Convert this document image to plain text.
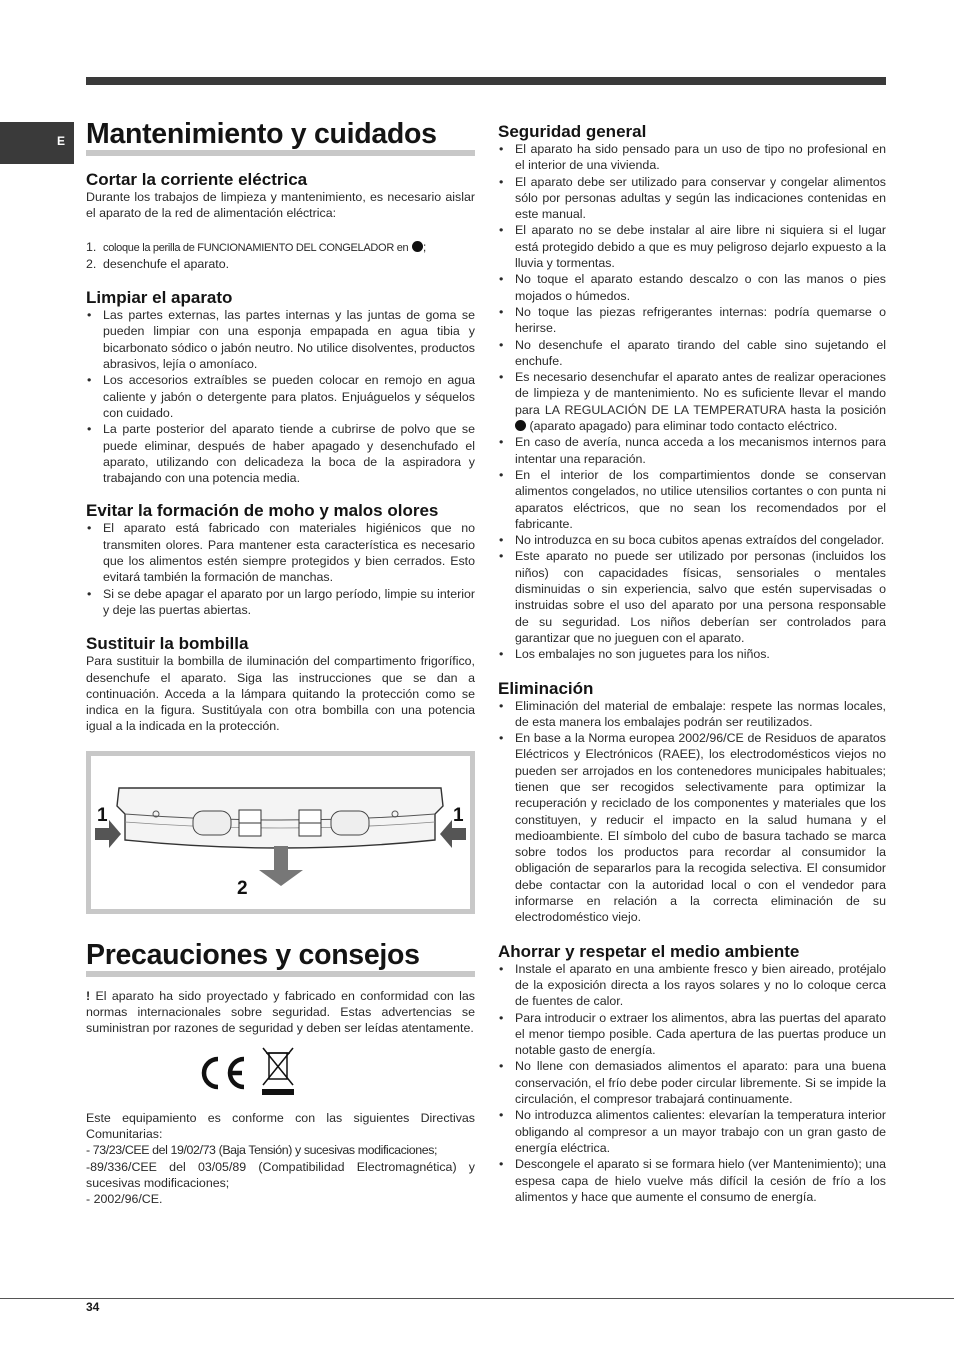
E Mantenimiento y cuidados
Cortar la corriente eléctrica

Durante los trabajos de limpieza y mantenimiento, es necesario aislar el aparato de la red de alimentación eléctrica:

1. coloque la perilla de FUNCIONAMIENTO DEL CONGELADOR en ;
2. desenchufe el aparato.
Limpiar el aparato
• Las partes externas, las partes internas y las juntas de goma se pueden limpiar con una esponja empapada en agua tibia y bicarbonato sódico o jabón neutro. No utilice disolventes, productos abrasivos, lejía o amoníaco.
• Los accesorios extraíbles se pueden colocar en remojo en agua caliente y jabón o detergente para platos. Enjuáguelos y séquelos con cuidado.
• La parte posterior del aparato tiende a cubrirse de polvo que se puede eliminar, después de haber apagado y desenchufado el aparato, utilizando con delicadeza la boca de la aspiradora y trabajando con una potencia media.
Evitar la formación de moho y malos olores
• El aparato está fabricado con materiales higiénicos que no transmiten olores. Para mantener esta característica es necesario que los alimentos estén siempre protegidos y bien cerrados. Esto evitará también la formación de manchas.
• Si se debe apagar el aparato por un largo período, limpie su interior y deje las puertas abiertas.
Sustituir la bombilla

Para sustituir la bombilla de iluminación del compartimento frigorífico, desenchufe el aparato. Siga las instrucciones que se dan a continuación. Acceda a la lámpara quitando la protección como se indica en la figura. Sustitúyala con otra bombilla con una potencia igual a la indicada en la protección.

1	1
2
Precauciones y consejos

! El aparato ha sido proyectado y fabricado en conformidad con las normas internacionales sobre seguridad. Estas advertencias se suministran por razones de seguridad y deben ser leídas atentamente.

Este equipamiento es conforme con las siguientes Directivas Comunitarias:

- 73/23/CEE del 19/02/73 (Baja Tensión) y sucesivas modificaciones;

-89/336/CEE del 03/05/89 (Compatibilidad Electromagnética) y sucesivas modificaciones;

- 2002/96/CE.

Seguridad general
• El aparato ha sido pensado para un uso de tipo no profesional en el interior de una vivienda.
• El aparato debe ser utilizado para conservar y congelar alimentos sólo por personas adultas y según las indicaciones contenidas en este manual.
• El aparato no se debe instalar al aire libre ni siquiera si el lugar está protegido debido a que es muy peligroso dejarlo expuesto a la lluvia y tormentas.
• No toque el aparato estando descalzo o con las manos o pies mojados o húmedos.
• No toque las piezas refrigerantes internas: podría quemarse o herirse.
• No desenchufe el aparato tirando del cable sino sujetando el enchufe.
• Es necesario desenchufar el aparato antes de realizar operaciones de limpieza y de mantenimiento. No es suficiente llevar el mando para LA REGULACIÓN DE LA TEMPERATURA hasta la posición  (aparato apagado) para eliminar todo contacto eléctrico.
• En caso de avería, nunca acceda a los mecanismos internos para intentar una reparación.
• En el interior de los compartimientos donde se conservan alimentos congelados, no utilice utensilios cortantes o con punta ni aparatos eléctricos, que no sean los recomendados por el fabricante.
• No introduzca en su boca cubitos apenas extraídos del congelador.
• Este aparato no puede ser utilizado por personas (incluidos los niños) con capacidades físicas, sensoriales o mentales disminuidas o sin experiencia, salvo que estén supervisadas o instruidas sobre el uso del aparato por una persona responsable de su seguridad. Los niños deberían ser controlados para garantizar que no jueguen con el aparato.
• Los embalajes no son juguetes para los niños.
Eliminación
• Eliminación del material de embalaje: respete las normas locales, de esta manera los embalajes podrán ser reutilizados.
• En base a la Norma europea 2002/96/CE de Residuos de aparatos Eléctricos y Electrónicos (RAEE), los electrodomésticos viejos no pueden ser arrojados en los contenedores municipales habituales; tienen que ser recogidos selectivamente para optimizar la recuperación y reciclado de los componentes y materiales que los constituyen, y reducir el impacto en la salud humana y el medioambiente. El símbolo del cubo de basura tachado se marca sobre todos los productos para recordar al consumidor la obligación de separarlos para la recogida selectiva. El consumidor debe contactar con la autoridad local o con el vendedor para informarse en relación a la correcta eliminación de su electrodoméstico viejo.
Ahorrar y respetar el medio ambiente
• Instale el aparato en una ambiente fresco y bien aireado, protéjalo de la exposición directa a los rayos solares y no lo coloque cerca de fuentes de calor.
• Para introducir o extraer los alimentos, abra las puertas del aparato el menor tiempo posible. Cada apertura de las puertas produce un notable gasto de energía.
• No llene con demasiados alimentos el aparato: para una buena conservación, el frío debe poder circular libremente. Si se impide la circulación, el compresor trabajará continuamente.
• No introduzca alimentos calientes: elevarían la temperatura interior obligando al compresor a un mayor trabajo con un gran gasto de energía eléctrica.
• Descongele el aparato si se formara hielo (ver Mantenimiento); una espesa capa de hielo vuelve más difícil la cesión de frío a los alimentos y hace que aumente el consumo de energía.
34
